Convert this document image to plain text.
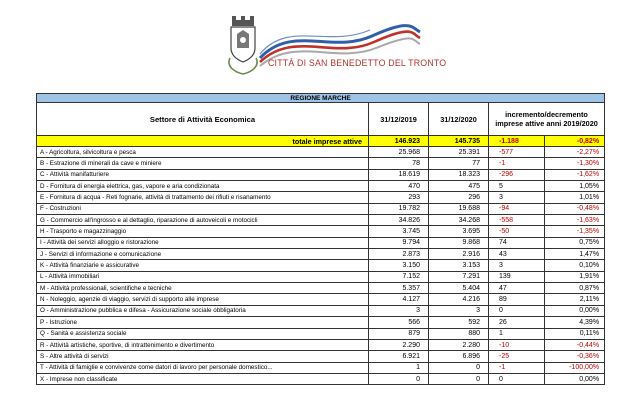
CITTÀ DI SAN BENEDETTO DEL TRONTO
REGIONE MARCHE				
Settore di Attività Economica	31/12/2019	31/12/2020	incremento/decremento imprese attive anni 2019/2020	
totale imprese attive	146.923	145.735	-1.188	-0,82%
A - Agricoltura, silvicoltura e pesca	25.968	25.391	-577	-2,27%
B - Estrazione di minerali da cave e miniere	78	77	-1	-1,30%
C - Attività manifatturiere	18.619	18.323	-296	-1,62%
D - Fornitura di energia elettrica, gas, vapore e aria condizionata	470	475	5	1,05%
E - Fornitura di acqua - Reti fognarie, attività di trattamento dei rifiuti e risanamento	293	296	3	1,01%
F - Costruzioni	19.782	19.688	-94	-0,48%
G - Commercio all'ingrosso e al dettaglio, riparazione di autoveicoli e motocicli	34.826	34.268	-558	-1,63%
H - Trasporto e magazzinaggio	3.745	3.695	-50	-1,35%
I - Attività dei servizi alloggio e ristorazione	9.794	9.868	74	0,75%
J - Servizi di informazione e comunicazione	2.873	2.916	43	1,47%
K - Attività finanziarie e assicurative	3.150	3.153	3	0,10%
L - Attività immobiliari	7.152	7.291	139	1,91%
M - Attività professionali, scientifiche e tecniche	5.357	5.404	47	0,87%
N - Noleggio, agenzie di viaggio, servizi di supporto alle imprese	4.127	4.216	89	2,11%
O - Amministrazione pubblica e difesa - Assicurazione sociale obbligatoria	3	3	0	0,00%
P - Istruzione	566	592	26	4,39%
Q - Sanità e assistenza sociale	879	880	1	0,11%
R - Attività artistiche, sportive, di intrattenimento e divertimento	2.290	2.280	-10	-0,44%
S - Altre attività di servizi	6.921	6.896	-25	-0,36%
T - Attività di famiglie e convivenze come datori di lavoro per personale domestico...	1	0	-1	-100,00%
X - Imprese non classificate	0	0	0	0,00%
